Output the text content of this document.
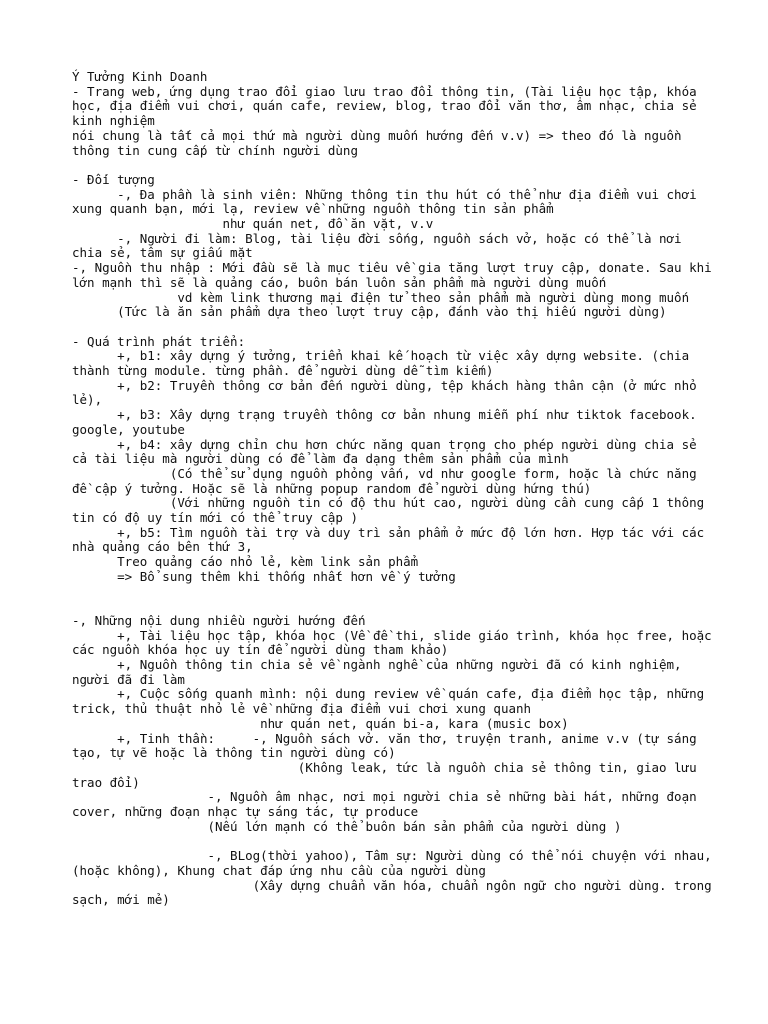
Ý Tưởng Kinh Doanh
- Trang web, ứng dụng trao đổi giao lưu trao đổi thông tin, (Tài liệu học tập, khóa học, địa điểm vui chơi, quán cafe, review, blog, trao đổi văn thơ, âm nhạc, chia sẻ kinh nghiệm
nói chung là tất cả mọi thứ mà người dùng muốn hướng đến v.v) => theo đó là nguồn thông tin cung cấp từ chính người dùng
- Đối tượng
-, Đa phần là sinh viên: Những thông tin thu hút có thể như địa điểm vui chơi xung quanh bạn, mới lạ, review về những nguồn thông tin sản phẩm
như quán net, đồ ăn vặt, v.v
-, Người đi làm: Blog, tài liệu đời sống, nguồn sách vở, hoặc có thể là nơi chia sẻ, tâm sự giấu mặt
-, Nguồn thu nhập : Mới đầu sẽ là mục tiêu về gia tăng lượt truy cập, donate. Sau khi lớn mạnh thì sẽ là quảng cáo, buôn bán luôn sản phẩm mà người dùng muốn
vd kèm link thương mại điện tử theo sản phẩm mà người dùng mong muốn
(Tức là ăn sản phẩm dựa theo lượt truy cập, đánh vào thị hiếu người dùng)
- Quá trình phát triển:
+, b1: xây dựng ý tưởng, triển khai kế hoạch từ việc xây dựng website. (chia thành từng module. từng phần. để người dùng dễ tìm kiếm)
+, b2: Truyền thông cơ bản đến người dùng, tệp khách hàng thân cận (ở mức nhỏ lẻ),
+, b3: Xây dựng trạng truyền thông cơ bản nhung miễn phí như tiktok facebook. google, youtube
+, b4: xây dựng chỉn chu hơn chức năng quan trọng cho phép người dùng chia sẻ cả tài liệu mà người dùng có để làm đa dạng thêm sản phẩm của mình
(Có thể sử dụng nguồn phỏng vấn, vd như google form, hoặc là chức năng đề cập ý tưởng. Hoặc sẽ là những popup random để người dùng hứng thú)
(Với những nguồn tin có độ thu hút cao, người dùng cần cung cấp 1 thông tin có độ uy tín mới có thể truy cập )
+, b5: Tìm nguồn tài trợ và duy trì sản phẩm ở mức độ lớn hơn. Hợp tác với các nhà quảng cáo bên thứ 3,
Treo quảng cáo nhỏ lẻ, kèm link sản phẩm
=> Bổ sung thêm khi thống nhất hơn về ý tưởng
-, Những nội dung nhiều người hướng đến
+, Tài liệu học tập, khóa học (Về đề thi, slide giáo trình, khóa học free, hoặc các nguồn khóa học uy tín để người dùng tham khảo)
+, Nguồn thông tin chia sẻ về ngành nghề của những người đã có kinh nghiệm, người đã đi làm
+, Cuộc sống quanh mình: nội dung review về quán cafe, địa điểm học tập, những trick, thủ thuật nhỏ lẻ về những địa điểm vui chơi xung quanh
như quán net, quán bi-a, kara (music box)
+, Tinh thần:     -, Nguồn sách vở. văn thơ, truyện tranh, anime v.v (tự sáng tạo, tự vẽ hoặc là thông tin người dùng có)
(Không leak, tức là nguồn chia sẻ thông tin, giao lưu trao đổi)
-, Nguồn âm nhạc, nơi mọi người chia sẻ những bài hát, những đoạn cover, những đoạn nhạc tự sáng tác, tự produce
(Nếu lớn mạnh có thể buôn bán sản phẩm của người dùng )
-, BLog(thời yahoo), Tâm sự: Người dùng có thể nói chuyện với nhau, (hoặc không), Khung chat đáp ứng nhu cầu của người dùng
(Xây dựng chuẩn văn hóa, chuẩn ngôn ngữ cho người dùng. trong sạch, mới mẻ)
